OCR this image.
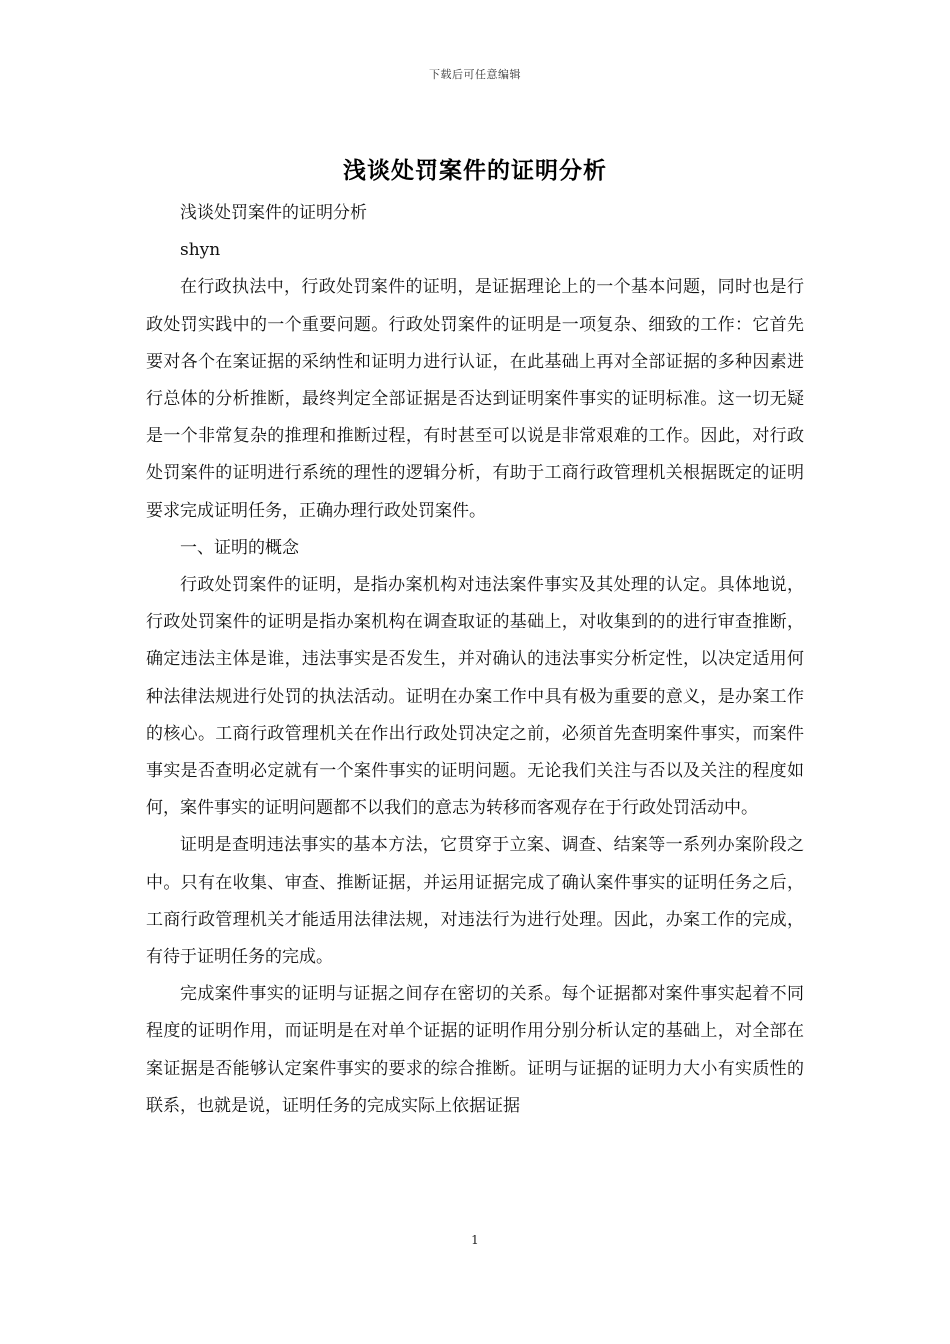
下载后可任意编辑
浅谈处罚案件的证明分析

浅谈处罚案件的证明分析

shyn

在行政执法中，行政处罚案件的证明，是证据理论上的一个基本问题，同时也是行政处罚实践中的一个重要问题。行政处罚案件的证明是一项复杂、细致的工作：它首先要对各个在案证据的采纳性和证明力进行认证，在此基础上再对全部证据的多种因素进行总体的分析推断，最终判定全部证据是否达到证明案件事实的证明标准。这一切无疑是一个非常复杂的推理和推断过程，有时甚至可以说是非常艰难的工作。因此，对行政处罚案件的证明进行系统的理性的逻辑分析，有助于工商行政管理机关根据既定的证明要求完成证明任务，正确办理行政处罚案件。

一、证明的概念

行政处罚案件的证明，是指办案机构对违法案件事实及其处理的认定。具体地说，行政处罚案件的证明是指办案机构在调查取证的基础上，对收集到的的进行审查推断，确定违法主体是谁，违法事实是否发生，并对确认的违法事实分析定性，以决定适用何种法律法规进行处罚的执法活动。证明在办案工作中具有极为重要的意义，是办案工作的核心。工商行政管理机关在作出行政处罚决定之前，必须首先查明案件事实，而案件事实是否查明必定就有一个案件事实的证明问题。无论我们关注与否以及关注的程度如何，案件事实的证明问题都不以我们的意志为转移而客观存在于行政处罚活动中。

证明是查明违法事实的基本方法，它贯穿于立案、调查、结案等一系列办案阶段之中。只有在收集、审查、推断证据，并运用证据完成了确认案件事实的证明任务之后，工商行政管理机关才能适用法律法规，对违法行为进行处理。因此，办案工作的完成，有待于证明任务的完成。

完成案件事实的证明与证据之间存在密切的关系。每个证据都对案件事实起着不同程度的证明作用，而证明是在对单个证据的证明作用分别分析认定的基础上，对全部在案证据是否能够认定案件事实的要求的综合推断。证明与证据的证明力大小有实质性的联系，也就是说，证明任务的完成实际上依据证据

1
